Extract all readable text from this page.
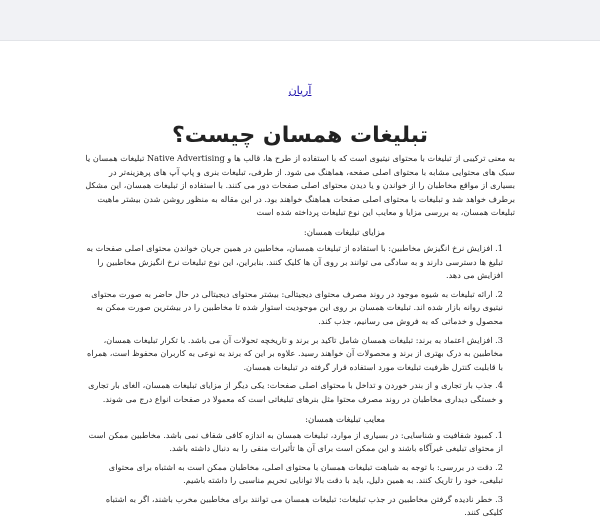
آریان
تبلیغات همسان چیست؟

به معنی ترکیبی از تبلیغات با محتوای نیتیوی است که با استفاده از طرح ها، قالب ها و Native Advertising تبلیغات همسان یا سبک های محتوایی مشابه با محتوای اصلی صفحه، هماهنگ می شود. از طرفی، تبلیغات بنری و پاپ آپ های پرهزینه‌تر در بسیاری از مواقع مخاطبان را از خواندن و یا دیدن محتوای اصلی صفحات دور می کنند. با استفاده از تبلیغات همسان، این مشکل برطرف خواهد شد و تبلیغات با محتوای اصلی صفحات هماهنگ خواهند بود. در این مقاله به منظور روشن شدن بیشتر ماهیت تبلیغات همسان، به بررسی مزایا و معایب این نوع تبلیغات پرداخته شده است

مزایای تبلیغات همسان:

1. افزایش نرخ انگیزش مخاطبین: با استفاده از تبلیغات همسان، مخاطبین در همین جریان خواندن محتوای اصلی صفحات به تبلیغ ها دسترسی دارند و به سادگی می توانند بر روی آن ها کلیک کنند. بنابراین، این نوع تبلیغات نرخ انگیزش مخاطبین را افزایش می دهد.
2. ارائه تبلیغات به شیوه موجود در روند مصرف محتوای دیجیتالی: بیشتر محتوای دیجیتالی در حال حاضر به صورت محتوای نیتیوی روانه بازار شده اند. تبلیغات همسان بر روی این موجودیت استوار شده تا مخاطبین را در بیشترین صورت ممکن به محصول و خدماتی که به فروش می رسانیم، جذب کند.
3. افزایش اعتماد به برند: تبلیغات همسان شامل تاکید بر برند و تاریخچه تحولات آن می باشد. با تکرار تبلیغات همسان، مخاطبین به درک بهتری از برند و محصولات آن خواهند رسید. علاوه بر این که برند به نوعی به کاربران محفوظ است، همراه با قابلیت کنترل ظرفیت تبلیغات مورد استفاده قرار گرفته در تبلیغات همسان.
4. جذب بار تجاری و از بندر خوردن و تداخل با محتوای اصلی صفحات: یکی دیگر از مزایای تبلیغات همسان، الغای بار تجاری و خستگی دیداری مخاطبان در روند مصرف محتوا مثل بنرهای تبلیغاتی است که معمولا در صفحات انواع درج می شوند.

معایب تبلیغات همسان:

1. کمبود شفافیت و شناسایی: در بسیاری از موارد، تبلیغات همسان به اندازه کافی شفاف نمی باشد. مخاطبین ممکن است از محتوای تبلیغی غیرآگاه باشند و این ممکن است برای آن ها تأثیرات منفی را به دنبال داشته باشد.
2. دقت در بررسی: با توجه به شباهت تبلیغات همسان با محتوای اصلی، مخاطبان ممکن است به اشتباه برای محتوای تبلیغی، خود را تاریک کنند. به همین دلیل، باید با دقت بالا توانایی تحریم مناسبی را داشته باشیم.
3. خطر نادیده گرفتن مخاطبین در جذب تبلیغات: تبلیغات همسان می توانند برای مخاطبین مخرب باشند، اگر به اشتباه کلیکی کنند.
